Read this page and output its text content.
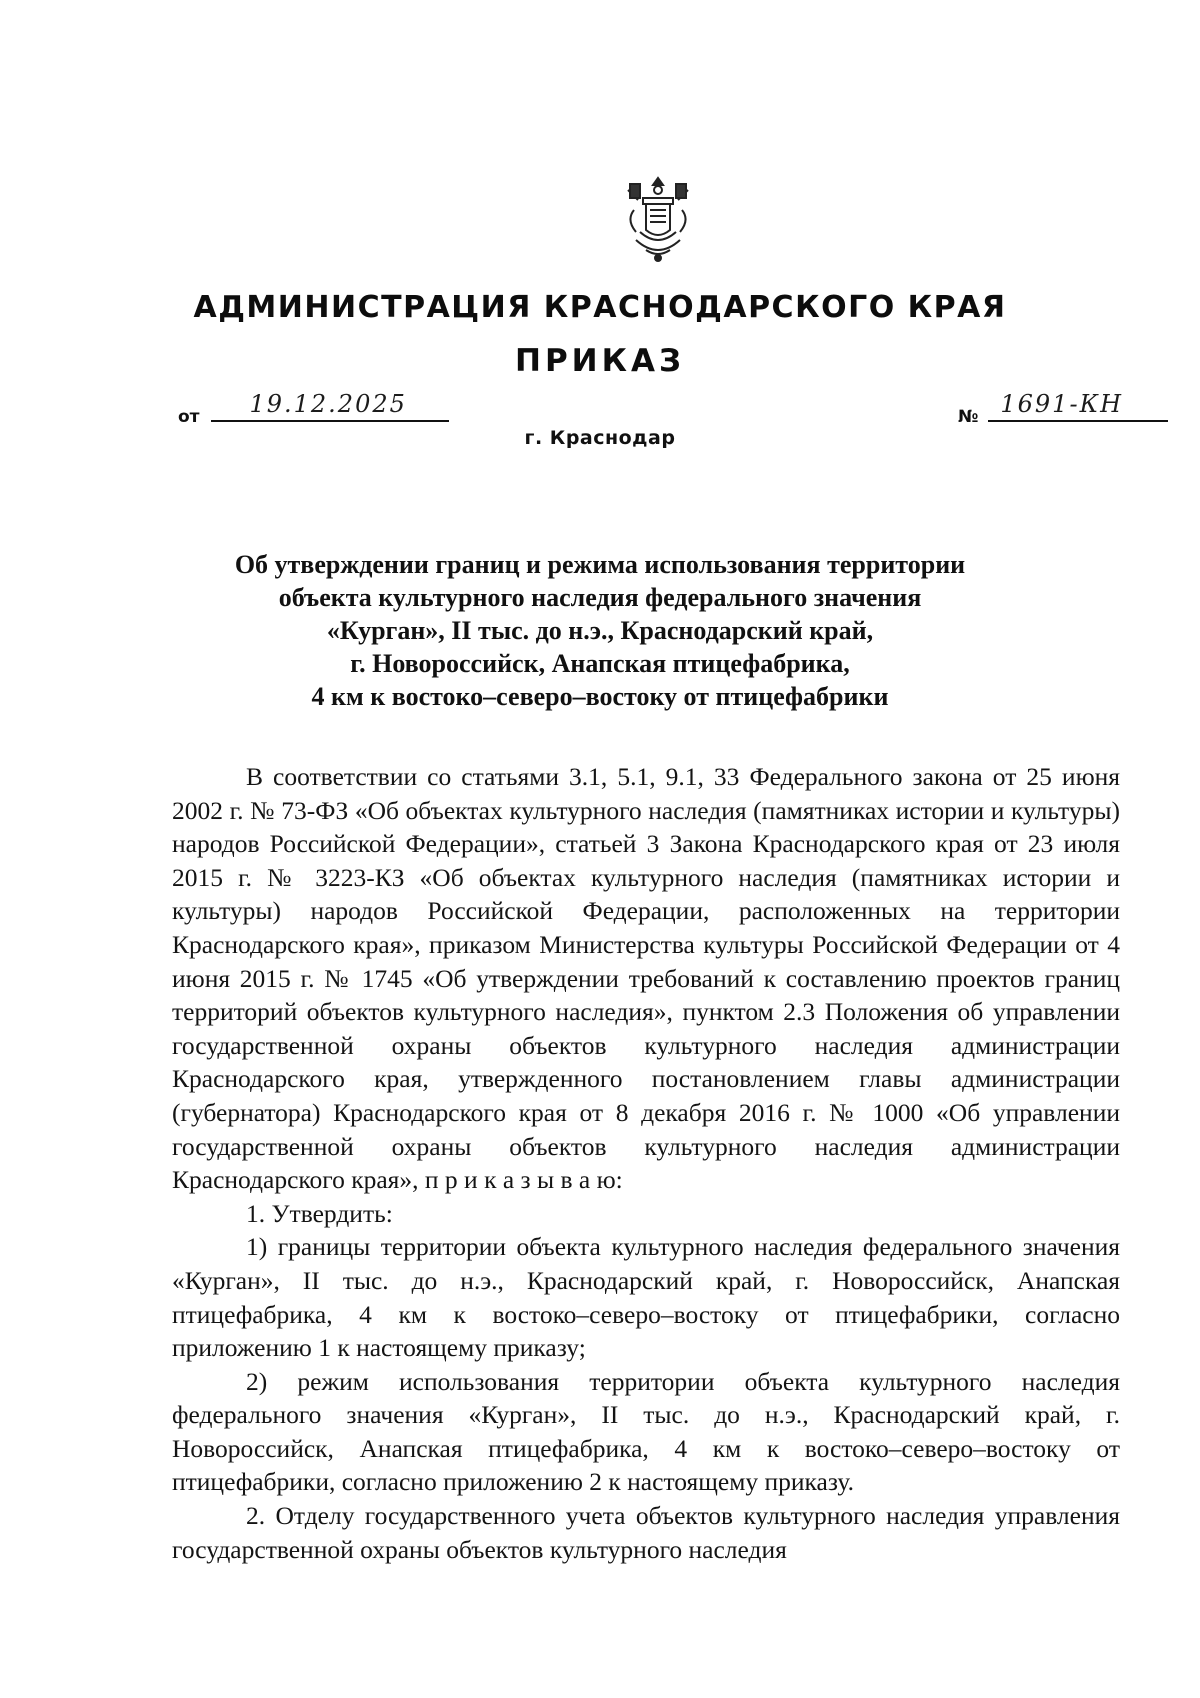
АДМИНИСТРАЦИЯ КРАСНОДАРСКОГО КРАЯ
ПРИКАЗ
от 19.12.2025	№ 1691-КН
г. Краснодар
Об утверждении границ и режима использования территории
объекта культурного наследия федерального значения
«Курган», II тыс. до н.э., Краснодарский край,
г. Новороссийск, Анапская птицефабрика,
4 км к востоко–северо–востоку от птицефабрики

В соответствии со статьями 3.1, 5.1, 9.1, 33 Федерального закона от 25 июня 2002 г. № 73-ФЗ «Об объектах культурного наследия (памятниках истории и культуры) народов Российской Федерации», статьей 3 Закона Краснодарского края от 23 июля 2015 г. № 3223-КЗ «Об объектах культурного наследия (памятниках истории и культуры) народов Российской Федерации, расположенных на территории Краснодарского края», приказом Министерства культуры Российской Федерации от 4 июня 2015 г. № 1745 «Об утверждении требований к составлению проектов границ территорий объектов культурного наследия», пунктом 2.3 Положения об управлении государственной охраны объектов культурного наследия администрации Краснодарского края, утвержденного постановлением главы администрации (губернатора) Краснодарского края от 8 декабря 2016 г. № 1000 «Об управлении государственной охраны объектов культурного наследия администрации Краснодарского края», п р и к а з ы в а ю:

1. Утвердить:

1) границы территории объекта культурного наследия федерального значения «Курган», II тыс. до н.э., Краснодарский край, г. Новороссийск, Анапская птицефабрика, 4 км к востоко–северо–востоку от птицефабрики, согласно приложению 1 к настоящему приказу;

2) режим использования территории объекта культурного наследия федерального значения «Курган», II тыс. до н.э., Краснодарский край, г. Новороссийск, Анапская птицефабрика, 4 км к востоко–северо–востоку от птицефабрики, согласно приложению 2 к настоящему приказу.

2. Отделу государственного учета объектов культурного наследия управления государственной охраны объектов культурного наследия
